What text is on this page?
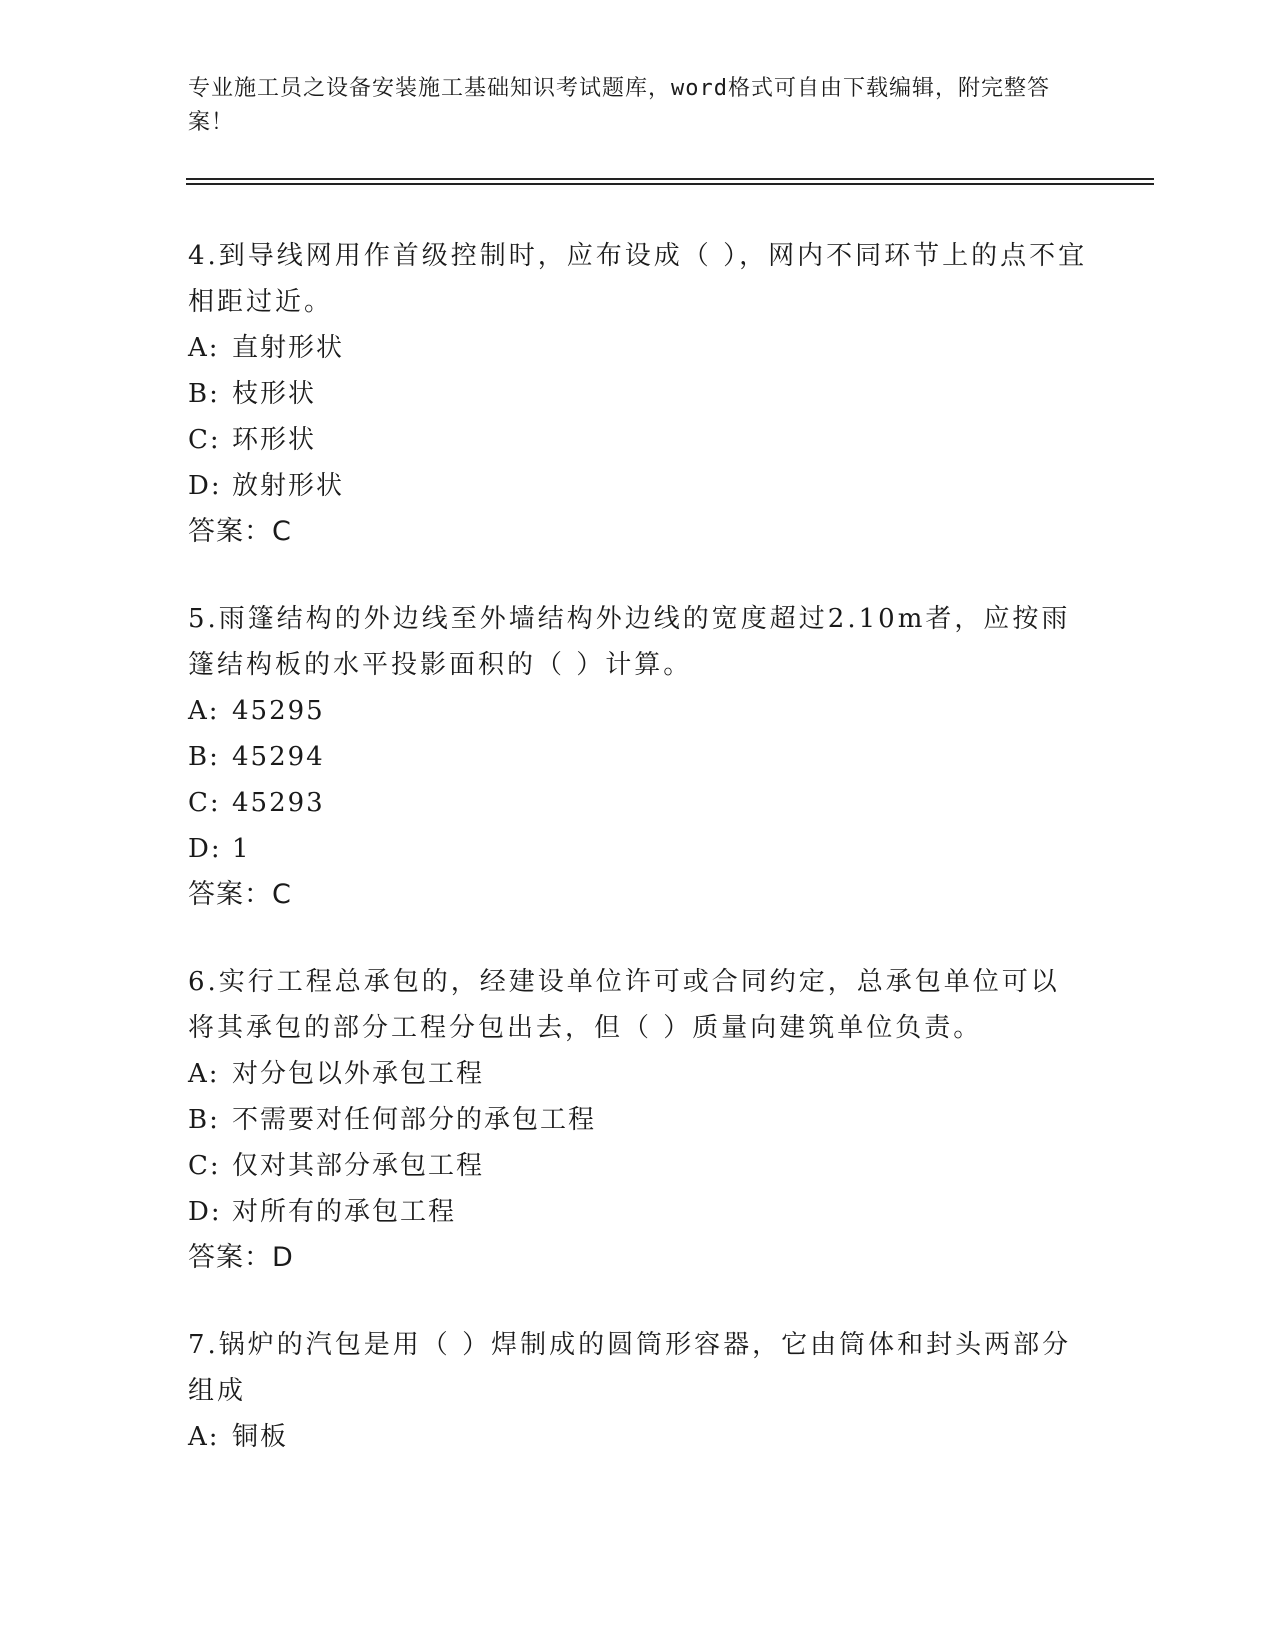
专业施工员之设备安装施工基础知识考试题库，word格式可自由下载编辑，附完整答案！
4.到导线网用作首级控制时，应布设成（ ），网内不同环节上的点不宜相距过近。
A: 直射形状
B: 枝形状
C: 环形状
D: 放射形状
答案：C
5.雨篷结构的外边线至外墙结构外边线的宽度超过2.10m者，应按雨篷结构板的水平投影面积的（ ）计算。
A: 45295
B: 45294
C: 45293
D: 1
答案：C
6.实行工程总承包的，经建设单位许可或合同约定，总承包单位可以将其承包的部分工程分包出去，但（ ）质量向建筑单位负责。
A: 对分包以外承包工程
B: 不需要对任何部分的承包工程
C: 仅对其部分承包工程
D: 对所有的承包工程
答案：D
7.锅炉的汽包是用（ ）焊制成的圆筒形容器，它由筒体和封头两部分组成
A: 铜板
